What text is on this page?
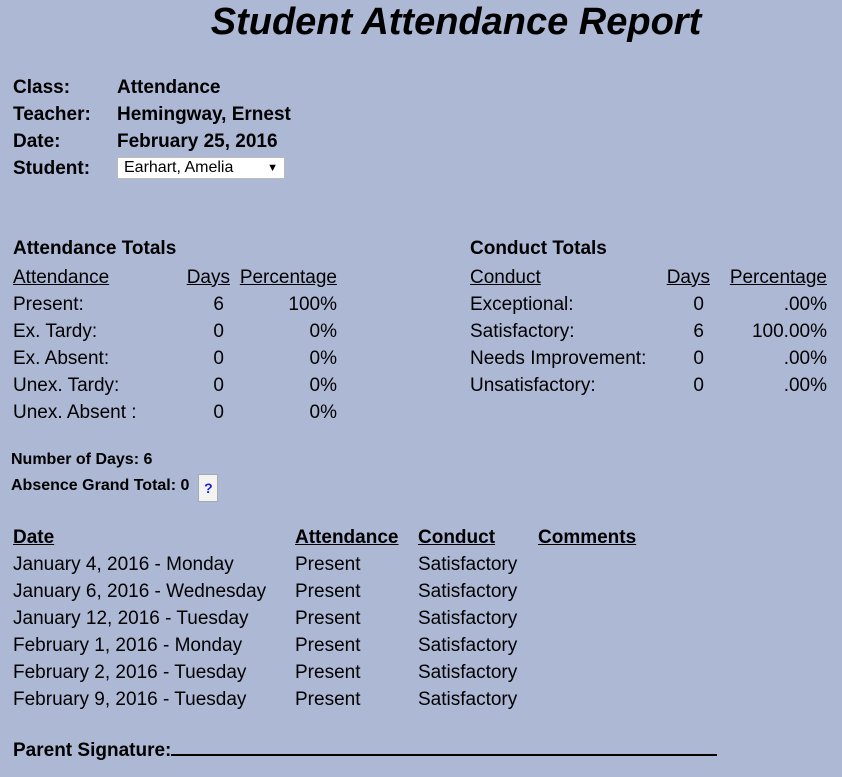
Student Attendance Report
Class:	Attendance
Teacher:	Hemingway, Ernest
Date:	February 25, 2016
Student:	Earhart, Amelia	▼
Attendance Totals
Attendance	Days	Percentage
Present:	6	100%
Ex. Tardy:	0	0%
Ex. Absent:	0	0%
Unex. Tardy:	0	0%
Unex. Absent :	0	0%
Conduct Totals
Conduct	Days	Percentage
Exceptional:	0	.00%
Satisfactory:	6	100.00%
Needs Improvement:	0	.00%
Unsatisfactory:	0	.00%
Number of Days: 6
Absence Grand Total: 0	?
Date	Attendance	Conduct	Comments
January 4, 2016 - Monday	Present	Satisfactory	
January 6, 2016 - Wednesday	Present	Satisfactory	
January 12, 2016 - Tuesday	Present	Satisfactory	
February 1, 2016 - Monday	Present	Satisfactory	
February 2, 2016 - Tuesday	Present	Satisfactory	
February 9, 2016 - Tuesday	Present	Satisfactory	
Parent Signature:
